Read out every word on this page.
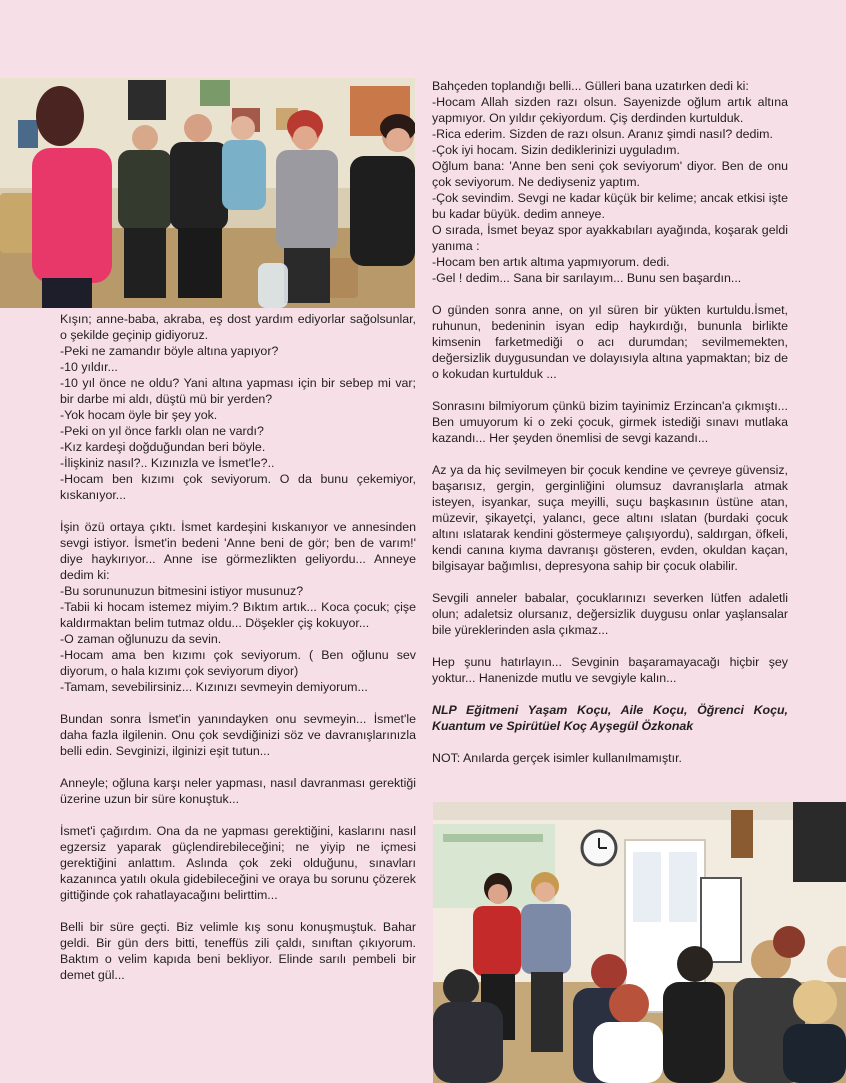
Kışın; anne-baba, akraba, eş dost yardım ediyorlar sağolsunlar, o şekilde geçinip gidiyoruz.

-Peki ne zamandır böyle altına yapıyor?

-10 yıldır...

-10 yıl önce ne oldu? Yani altına yapması için bir sebep mi var; bir darbe mi aldı, düştü mü bir yerden?

-Yok hocam öyle bir şey yok.

-Peki on yıl önce farklı olan ne vardı?

-Kız kardeşi doğduğundan beri böyle.

-İlişkiniz nasıl?.. Kızınızla ve İsmet'le?..

-Hocam ben kızımı çok seviyorum. O da bunu çekemiyor, kıskanıyor...

İşin özü ortaya çıktı. İsmet kardeşini kıskanıyor ve annesinden sevgi istiyor. İsmet'in bedeni 'Anne beni de gör; ben de varım!' diye haykırıyor... Anne ise görmezlikten geliyordu... Anneye dedim ki:

-Bu sorununuzun bitmesini istiyor musunuz?

-Tabii ki hocam istemez miyim.? Bıktım artık... Koca çocuk; çişe kaldırmaktan belim tutmaz oldu... Döşekler çiş kokuyor...

-O zaman oğlunuzu da sevin.

-Hocam ama ben kızımı çok seviyorum. ( Ben oğlunu sev diyorum, o hala kızımı çok seviyorum diyor)

-Tamam, sevebilirsiniz... Kızınızı sevmeyin demiyorum...

Bundan sonra İsmet'in yanındayken onu sevmeyin... İsmet'le daha fazla ilgilenin. Onu çok sevdiğinizi söz ve davranışlarınızla belli edin. Sevginizi, ilginizi eşit tutun...

Anneyle; oğluna karşı neler yapması, nasıl davranması gerektiği üzerine uzun bir süre konuştuk...

İsmet'i çağırdım. Ona da ne yapması gerektiğini, kaslarını nasıl egzersiz yaparak güçlendirebileceğini; ne yiyip ne içmesi gerektiğini anlattım. Aslında çok zeki olduğunu, sınavları kazanınca yatılı okula gidebileceğini ve oraya bu sorunu çözerek gittiğinde çok rahatlayacağını belirttim...

Belli bir süre geçti. Biz velimle kış sonu konuşmuştuk. Bahar geldi. Bir gün ders bitti, teneffüs zili çaldı, sınıftan çıkıyorum. Baktım o velim kapıda beni bekliyor. Elinde sarılı pembeli bir demet gül...

Bahçeden toplandığı belli... Gülleri bana uzatırken dedi ki:

-Hocam Allah sizden razı olsun. Sayenizde oğlum artık altına yapmıyor. On yıldır çekiyordum. Çiş derdinden kurtulduk.

-Rica ederim. Sizden de razı olsun. Aranız şimdi nasıl? dedim.

-Çok iyi hocam. Sizin dediklerinizi uyguladım.

Oğlum bana: 'Anne ben seni çok seviyorum' diyor. Ben de onu çok seviyorum. Ne dediyseniz yaptım.

-Çok sevindim. Sevgi ne kadar küçük bir kelime; ancak etkisi işte bu kadar büyük. dedim anneye.

O sırada, İsmet beyaz spor ayakkabıları ayağında, koşarak geldi yanıma :

-Hocam ben artık altıma yapmıyorum. dedi.

-Gel ! dedim... Sana bir sarılayım... Bunu sen başardın...

O günden sonra anne, on yıl süren bir yükten kurtuldu.İsmet, ruhunun, bedeninin isyan edip haykırdığı, bununla birlikte kimsenin farketmediği o acı durumdan; sevilmemekten, değersizlik duygusundan ve dolayısıyla altına yapmaktan; biz de o kokudan kurtulduk ...

Sonrasını bilmiyorum çünkü bizim tayinimiz Erzincan'a çıkmıştı... Ben umuyorum ki o zeki çocuk, girmek istediği sınavı mutlaka kazandı... Her şeyden önemlisi de sevgi kazandı...

Az ya da hiç sevilmeyen bir çocuk kendine ve çevreye güvensiz, başarısız, gergin, gerginliğini olumsuz davranışlarla atmak isteyen, isyankar, suça meyilli, suçu başkasının üstüne atan, müzevir, şikayetçi, yalancı, gece altını ıslatan (burdaki çocuk altını ıslatarak kendini göstermeye çalışıyordu), saldırgan, öfkeli, kendi canına kıyma davranışı gösteren, evden, okuldan kaçan, bilgisayar bağımlısı, depresyona sahip bir çocuk olabilir.

Sevgili anneler babalar, çocuklarınızı severken lütfen adaletli olun; adaletsiz olursanız, değersizlik duygusu onlar yaşlansalar bile yüreklerinden asla çıkmaz...

Hep şunu hatırlayın... Sevginin başaramayacağı hiçbir şey yoktur... Hanenizde mutlu ve sevgiyle kalın...

NLP Eğitmeni Yaşam Koçu, Aile Koçu, Öğrenci Koçu, Kuantum ve Spirütüel Koç Ayşegül Özkonak

NOT: Anılarda gerçek isimler kullanılmamıştır.
